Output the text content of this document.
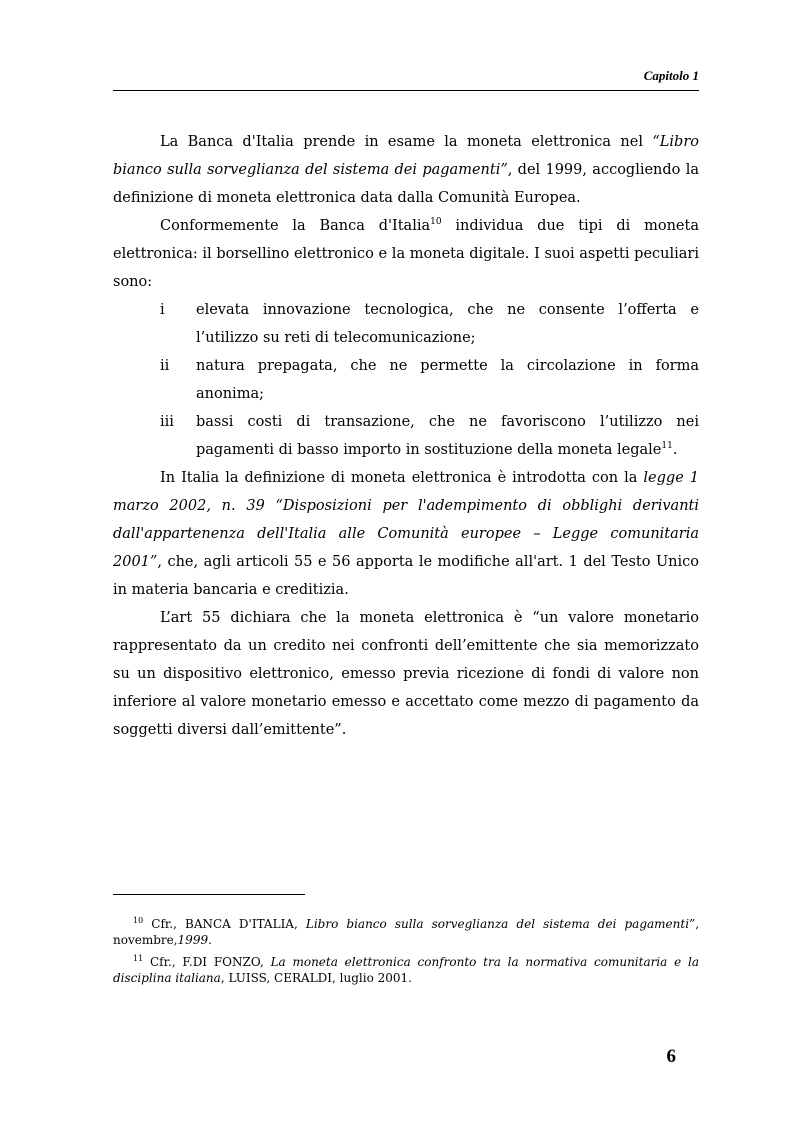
Capitolo 1

La Banca d'Italia prende in esame la moneta elettronica nel “Libro bianco sulla sorveglianza del sistema dei pagamenti”, del 1999, accogliendo la definizione di moneta elettronica data dalla Comunità Europea.

Conformemente la Banca d'Italia$^{10}$ individua due tipi di moneta elettronica: il borsellino elettronico e la moneta digitale. I suoi aspetti peculiari sono:

i	elevata innovazione tecnologica, che ne consente l’offerta e l’utilizzo su reti di telecomunicazione;
ii	natura prepagata, che ne permette la circolazione in forma anonima;
iii	bassi costi di transazione, che ne favoriscono l’utilizzo nei pagamenti di basso importo in sostituzione della moneta legale$^{11}$.

In Italia la definizione di moneta elettronica è introdotta con la legge 1 marzo 2002, n. 39 “Disposizioni per l'adempimento di obblighi derivanti dall'appartenenza dell'Italia alle Comunità europee – Legge comunitaria 2001”, che, agli articoli 55 e 56 apporta le modifiche all'art. 1 del Testo Unico in materia bancaria e creditizia.

L’art 55 dichiara che la moneta elettronica è “un valore monetario rappresentato da un credito nei confronti dell’emittente che sia memorizzato su un dispositivo elettronico, emesso previa ricezione di fondi di valore non inferiore al valore monetario emesso e accettato come mezzo di pagamento da soggetti diversi dall’emittente”.

$^{10}$ Cfr., BANCA D'ITALIA, Libro bianco sulla sorveglianza del sistema dei pagamenti”, novembre,1999.

$^{11}$ Cfr., F.DI FONZO, La moneta elettronica confronto tra la normativa comunitaria e la disciplina italiana, LUISS, CERALDI, luglio 2001.

6
